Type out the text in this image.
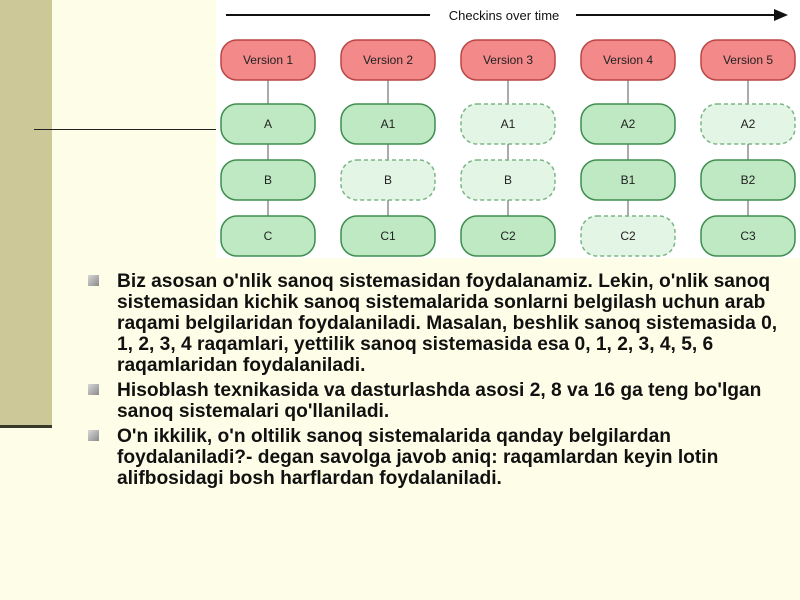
Checkins over time
Version 1	Version 2	Version 3	Version 4	Version 5
A	A1	A1	A2	A2
B	B	B	B1	B2
C	C1	C2	C2	C3
Biz asosan o'nlik sanoq sistemasidan foydalanamiz. Lekin, o'nlik sanoq sistemasidan kichik sanoq sistemalarida sonlarni belgilash uchun arab raqami belgilaridan foydalaniladi. Masalan, beshlik sanoq sistemasida 0, 1, 2, 3, 4 raqamlari, yettilik sanoq sistemasida esa 0, 1, 2, 3, 4, 5, 6 raqamlaridan foydalaniladi.
Hisoblash texnikasida va dasturlashda asosi 2, 8 va 16 ga teng bo'lgan sanoq sistemalari qo'llaniladi.
O'n ikkilik, o'n oltilik sanoq sistemalarida qanday belgilardan foydalaniladi?- degan savolga javob aniq: raqamlardan keyin lotin alifbosidagi bosh harflardan foydalaniladi.
